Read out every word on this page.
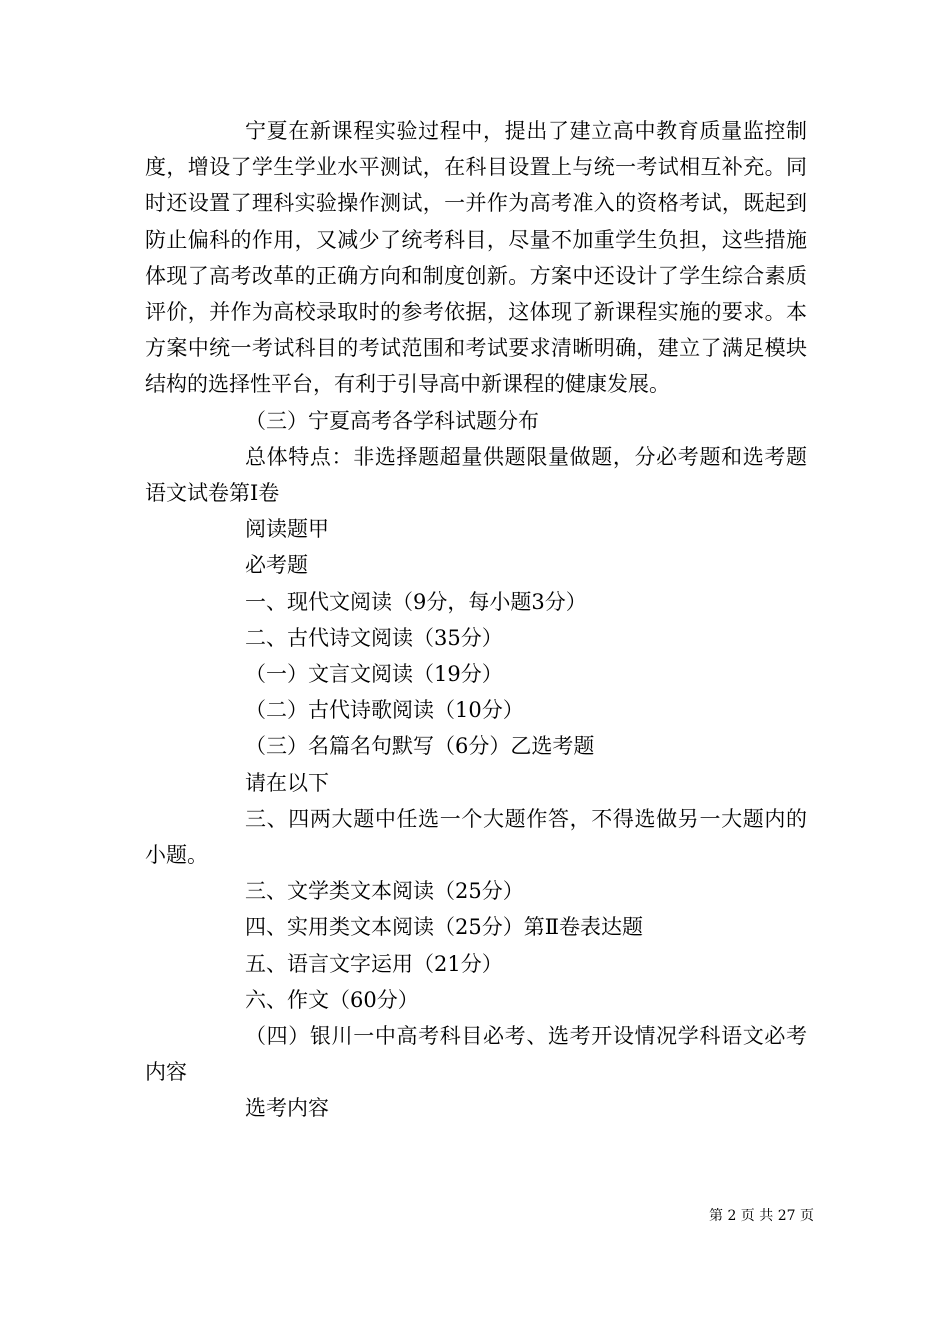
宁夏在新课程实验过程中，提出了建立高中教育质量监控制度，增设了学生学业水平测试，在科目设置上与统一考试相互补充。同时还设置了理科实验操作测试，一并作为高考准入的资格考试，既起到防止偏科的作用，又减少了统考科目，尽量不加重学生负担，这些措施体现了高考改革的正确方向和制度创新。方案中还设计了学生综合素质评价，并作为高校录取时的参考依据，这体现了新课程实施的要求。本方案中统一考试科目的考试范围和考试要求清晰明确，建立了满足模块结构的选择性平台，有利于引导高中新课程的健康发展。

（三）宁夏高考各学科试题分布

总体特点：非选择题超量供题限量做题，分必考题和选考题语文试卷第Ⅰ卷

阅读题甲

必考题

一、现代文阅读（9分，每小题3分）

二、古代诗文阅读（35分）

（一）文言文阅读（19分）

（二）古代诗歌阅读（10分）

（三）名篇名句默写（6分）乙选考题

请在以下

三、四两大题中任选一个大题作答，不得选做另一大题内的小题。

三、文学类文本阅读（25分）

四、实用类文本阅读（25分）第Ⅱ卷表达题

五、语言文字运用（21分）

六、作文（60分）

（四）银川一中高考科目必考、选考开设情况学科语文必考内容

选考内容

第 2 页 共 27 页
